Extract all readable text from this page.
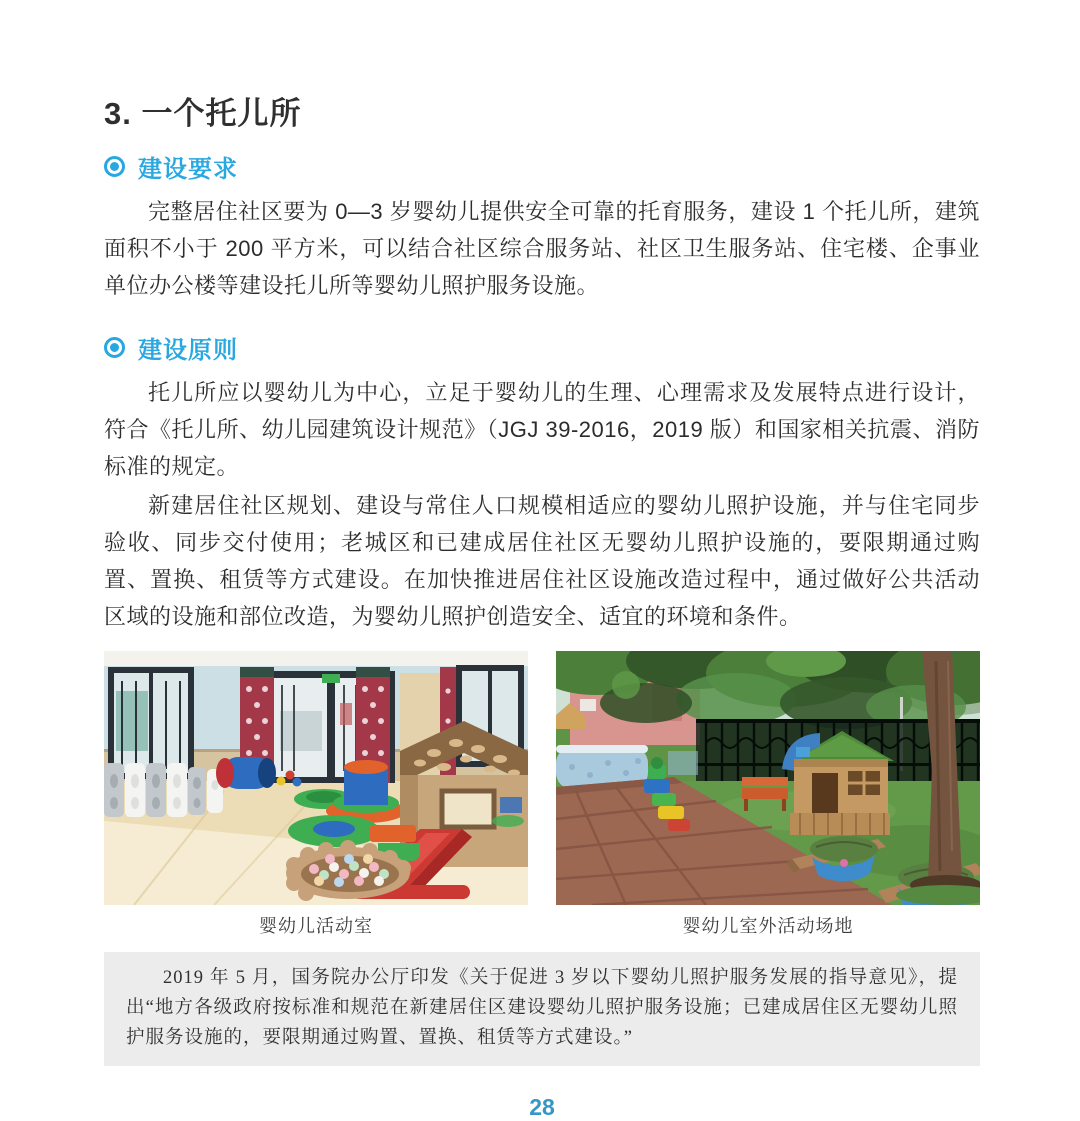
3. 一个托儿所
建设要求

完整居住社区要为 0—3 岁婴幼儿提供安全可靠的托育服务，建设 1 个托儿所，建筑面积不小于 200 平方米，可以结合社区综合服务站、社区卫生服务站、住宅楼、企事业单位办公楼等建设托儿所等婴幼儿照护服务设施。

建设原则

托儿所应以婴幼儿为中心，立足于婴幼儿的生理、心理需求及发展特点进行设计，符合《托儿所、幼儿园建筑设计规范》（JGJ 39-2016，2019 版）和国家相关抗震、消防标准的规定。

新建居住社区规划、建设与常住人口规模相适应的婴幼儿照护设施，并与住宅同步验收、同步交付使用；老城区和已建成居住社区无婴幼儿照护设施的，要限期通过购置、置换、租赁等方式建设。在加快推进居住社区设施改造过程中，通过做好公共活动区域的设施和部位改造，为婴幼儿照护创造安全、适宜的环境和条件。

婴幼儿活动室	婴幼儿室外活动场地
2019 年 5 月，国务院办公厅印发《关于促进 3 岁以下婴幼儿照护服务发展的指导意见》，提出“地方各级政府按标准和规范在新建居住区建设婴幼儿照护服务设施；已建成居住区无婴幼儿照护服务设施的，要限期通过购置、置换、租赁等方式建设。”
28
